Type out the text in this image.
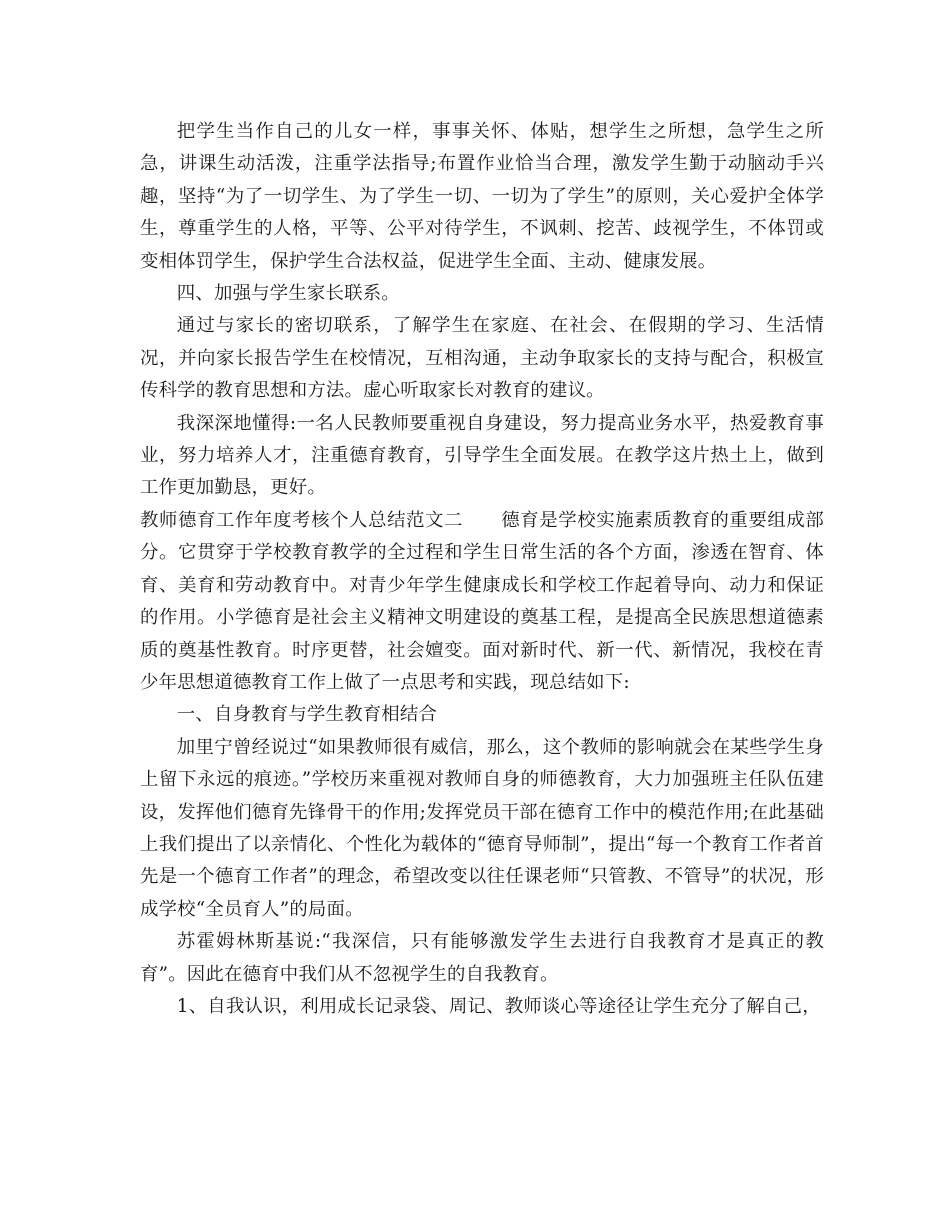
把学生当作自己的儿女一样，事事关怀、体贴，想学生之所想，急学生之所急，讲课生动活泼，注重学法指导;布置作业恰当合理，激发学生勤于动脑动手兴趣，坚持“为了一切学生、为了学生一切、一切为了学生”的原则，关心爱护全体学生，尊重学生的人格，平等、公平对待学生，不讽刺、挖苦、歧视学生，不体罚或变相体罚学生，保护学生合法权益，促进学生全面、主动、健康发展。

四、加强与学生家长联系。

通过与家长的密切联系，了解学生在家庭、在社会、在假期的学习、生活情况，并向家长报告学生在校情况，互相沟通，主动争取家长的支持与配合，积极宣传科学的教育思想和方法。虚心听取家长对教育的建议。

我深深地懂得:一名人民教师要重视自身建设，努力提高业务水平，热爱教育事业，努力培养人才，注重德育教育，引导学生全面发展。在教学这片热土上，做到工作更加勤恳，更好。

教师德育工作年度考核个人总结范文二　　德育是学校实施素质教育的重要组成部分。它贯穿于学校教育教学的全过程和学生日常生活的各个方面，渗透在智育、体育、美育和劳动教育中。对青少年学生健康成长和学校工作起着导向、动力和保证的作用。小学德育是社会主义精神文明建设的奠基工程，是提高全民族思想道德素质的奠基性教育。时序更替，社会嬗变。面对新时代、新一代、新情况，我校在青少年思想道德教育工作上做了一点思考和实践，现总结如下:

一、自身教育与学生教育相结合

加里宁曾经说过“如果教师很有威信，那么，这个教师的影响就会在某些学生身上留下永远的痕迹。”学校历来重视对教师自身的师德教育，大力加强班主任队伍建设，发挥他们德育先锋骨干的作用;发挥党员干部在德育工作中的模范作用;在此基础上我们提出了以亲情化、个性化为载体的“德育导师制”，提出“每一个教育工作者首先是一个德育工作者”的理念，希望改变以往任课老师“只管教、不管导”的状况，形成学校“全员育人”的局面。

苏霍姆林斯基说:“我深信，只有能够激发学生去进行自我教育才是真正的教育”。因此在德育中我们从不忽视学生的自我教育。

1、自我认识，利用成长记录袋、周记、教师谈心等途径让学生充分了解自己，
